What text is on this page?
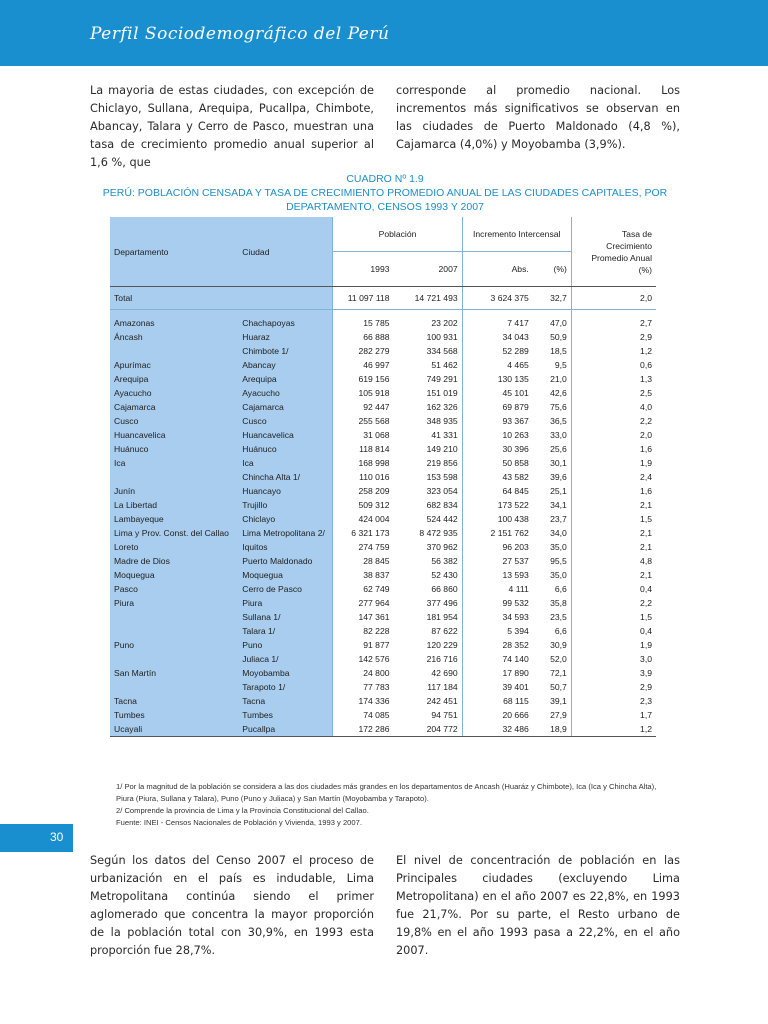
Perfil Sociodemográfico del Perú
La mayoria de estas ciudades, con excepción de Chiclayo, Sullana, Arequipa, Pucallpa, Chimbote, Abancay, Talara y Cerro de Pasco, muestran una tasa de crecimiento promedio anual superior al 1,6 %, que
corresponde al promedio nacional. Los incrementos más significativos se observan en las ciudades de Puerto Maldonado (4,8 %), Cajamarca (4,0%) y Moyobamba (3,9%).
CUADRO Nº 1.9
PERÚ: POBLACIÓN CENSADA Y TASA DE CRECIMIENTO PROMEDIO ANUAL DE LAS CIUDADES CAPITALES, POR DEPARTAMENTO, CENSOS 1993 Y 2007
Departamento	Ciudad	Población		Incremento Intercensal		Tasa de Crecimiento Promedio Anual
(%)
		1993	2007	Abs.	(%)	

Total		11 097 118	14 721 493	3 624 375	32,7	2,0

Amazonas	Chachapoyas	15 785	23 202	7 417	47,0	2,7
Áncash	Huaraz	66 888	100 931	34 043	50,9	2,9
	Chimbote 1/	282 279	334 568	52 289	18,5	1,2
Apurímac	Abancay	46 997	51 462	4 465	9,5	0,6
Arequipa	Arequipa	619 156	749 291	130 135	21,0	1,3
Ayacucho	Ayacucho	105 918	151 019	45 101	42,6	2,5
Cajamarca	Cajamarca	92 447	162 326	69 879	75,6	4,0
Cusco	Cusco	255 568	348 935	93 367	36,5	2,2
Huancavelica	Huancavelica	31 068	41 331	10 263	33,0	2,0
Huánuco	Huánuco	118 814	149 210	30 396	25,6	1,6
Ica	Ica	168 998	219 856	50 858	30,1	1,9
	Chincha Alta 1/	110 016	153 598	43 582	39,6	2,4
Junín	Huancayo	258 209	323 054	64 845	25,1	1,6
La Libertad	Trujillo	509 312	682 834	173 522	34,1	2,1
Lambayeque	Chiclayo	424 004	524 442	100 438	23,7	1,5
Lima y Prov. Const. del Callao	Lima Metropolitana 2/	6 321 173	8 472 935	2 151 762	34,0	2,1
Loreto	Iquitos	274 759	370 962	96 203	35,0	2,1
Madre de Dios	Puerto Maldonado	28 845	56 382	27 537	95,5	4,8
Moquegua	Moquegua	38 837	52 430	13 593	35,0	2,1
Pasco	Cerro de Pasco	62 749	66 860	4 111	6,6	0,4
Piura	Piura	277 964	377 496	99 532	35,8	2,2
	Sullana 1/	147 361	181 954	34 593	23,5	1,5
	Talara 1/	82 228	87 622	5 394	6,6	0,4
Puno	Puno	91 877	120 229	28 352	30,9	1,9
	Juliaca 1/	142 576	216 716	74 140	52,0	3,0
San Martín	Moyobamba	24 800	42 690	17 890	72,1	3,9
	Tarapoto 1/	77 783	117 184	39 401	50,7	2,9
Tacna	Tacna	174 336	242 451	68 115	39,1	2,3
Tumbes	Tumbes	74 085	94 751	20 666	27,9	1,7
Ucayali	Pucallpa	172 286	204 772	32 486	18,9	1,2
1/ Por la magnitud de la población se considera a las dos ciudades más grandes en los departamentos de Ancash (Huaráz y Chimbote), Ica (Ica y Chincha Alta), Piura (Piura, Sullana y Talara), Puno (Puno y Juliaca) y San Martín (Moyobamba y Tarapoto).
2/ Comprende la provincia de Lima y la Provincia Constitucional del Callao.
Fuente: INEI - Censos Nacionales de Población y Vivienda, 1993 y 2007.
30
Según los datos del Censo 2007 el proceso de urbanización en el país es indudable, Lima Metropolitana continúa siendo el primer aglomerado que concentra la mayor proporción de la población total con 30,9%, en 1993 esta proporción fue 28,7%.
El nivel de concentración de población en las Principales ciudades (excluyendo Lima Metropolitana) en el año 2007 es 22,8%, en 1993 fue 21,7%. Por su parte, el Resto urbano de 19,8% en el año 1993 pasa a 22,2%, en el año 2007.
